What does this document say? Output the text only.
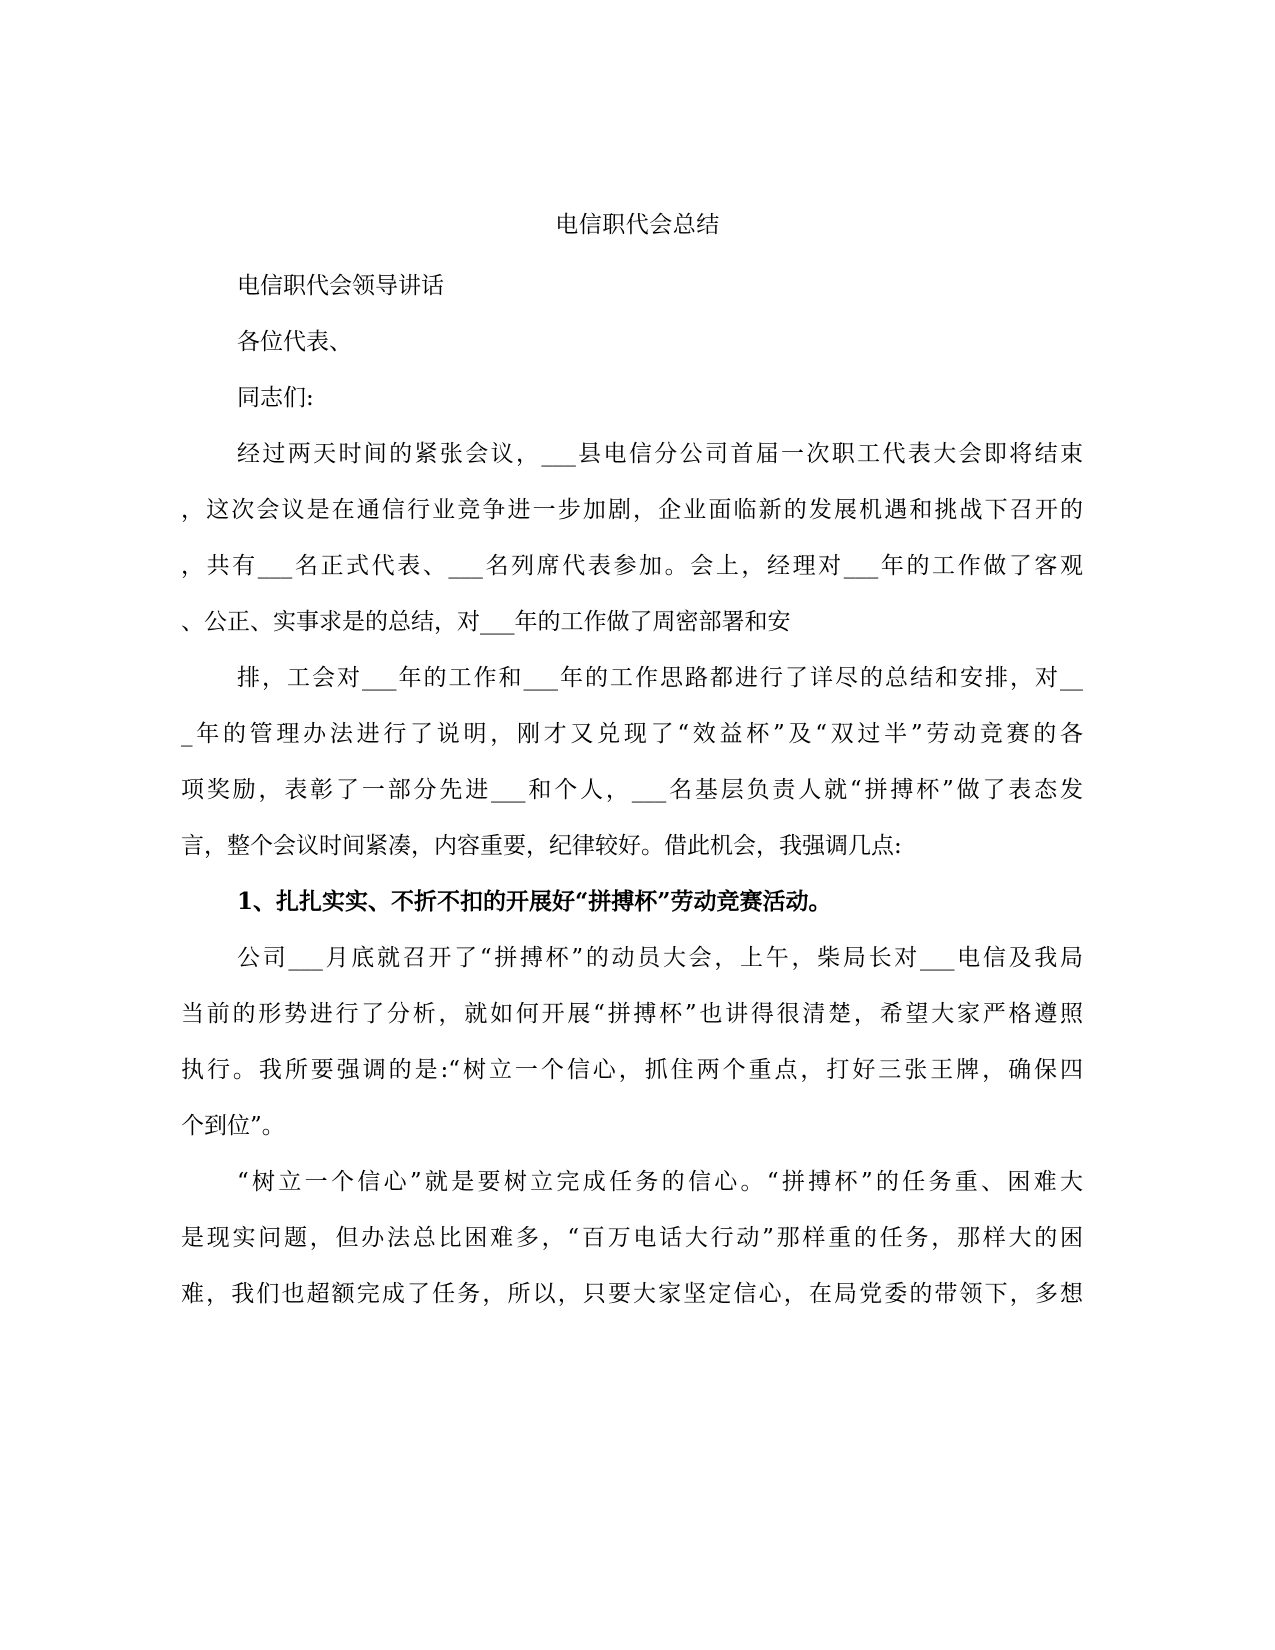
电信职代会总结
电信职代会领导讲话
各位代表、
同志们:
经过两天时间的紧张会议，___县电信分公司首届一次职工代表大会即将结束
，这次会议是在通信行业竞争进一步加剧，企业面临新的发展机遇和挑战下召开的
，共有___名正式代表、___名列席代表参加。会上，经理对___年的工作做了客观
、公正、实事求是的总结，对___年的工作做了周密部署和安
排，工会对___年的工作和___年的工作思路都进行了详尽的总结和安排，对__
_年的管理办法进行了说明，刚才又兑现了“效益杯”及“双过半”劳动竞赛的各
项奖励，表彰了一部分先进___和个人，___名基层负责人就“拼搏杯”做了表态发
言，整个会议时间紧凑，内容重要，纪律较好。借此机会，我强调几点:
1、扎扎实实、不折不扣的开展好“拼搏杯”劳动竞赛活动。
公司___月底就召开了“拼搏杯”的动员大会，上午，柴局长对___电信及我局
当前的形势进行了分析，就如何开展“拼搏杯”也讲得很清楚，希望大家严格遵照
执行。我所要强调的是:“树立一个信心，抓住两个重点，打好三张王牌，确保四
个到位”。
“树立一个信心”就是要树立完成任务的信心。“拼搏杯”的任务重、困难大
是现实问题，但办法总比困难多，“百万电话大行动”那样重的任务，那样大的困
难，我们也超额完成了任务，所以，只要大家坚定信心，在局党委的带领下，多想
